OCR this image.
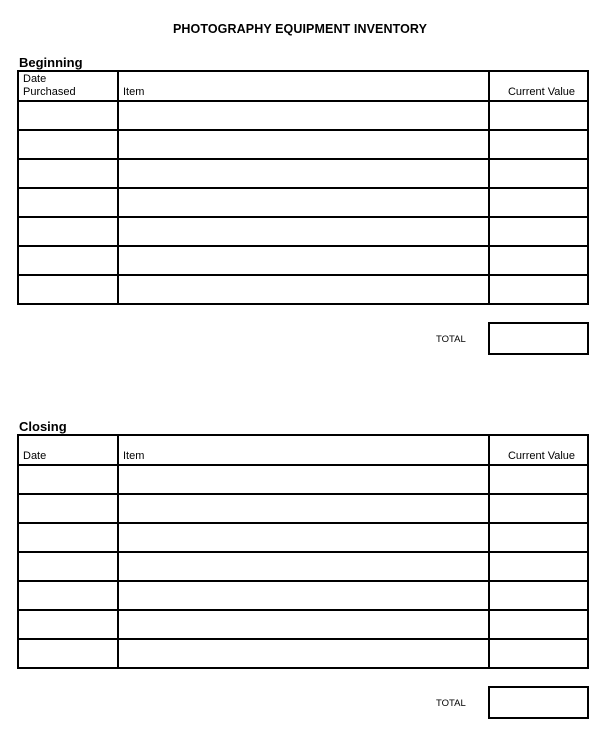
PHOTOGRAPHY EQUIPMENT INVENTORY
Beginning
Date
Purchased	Item	Current Value

TOTAL
Closing
Date	Item	Current Value

TOTAL
